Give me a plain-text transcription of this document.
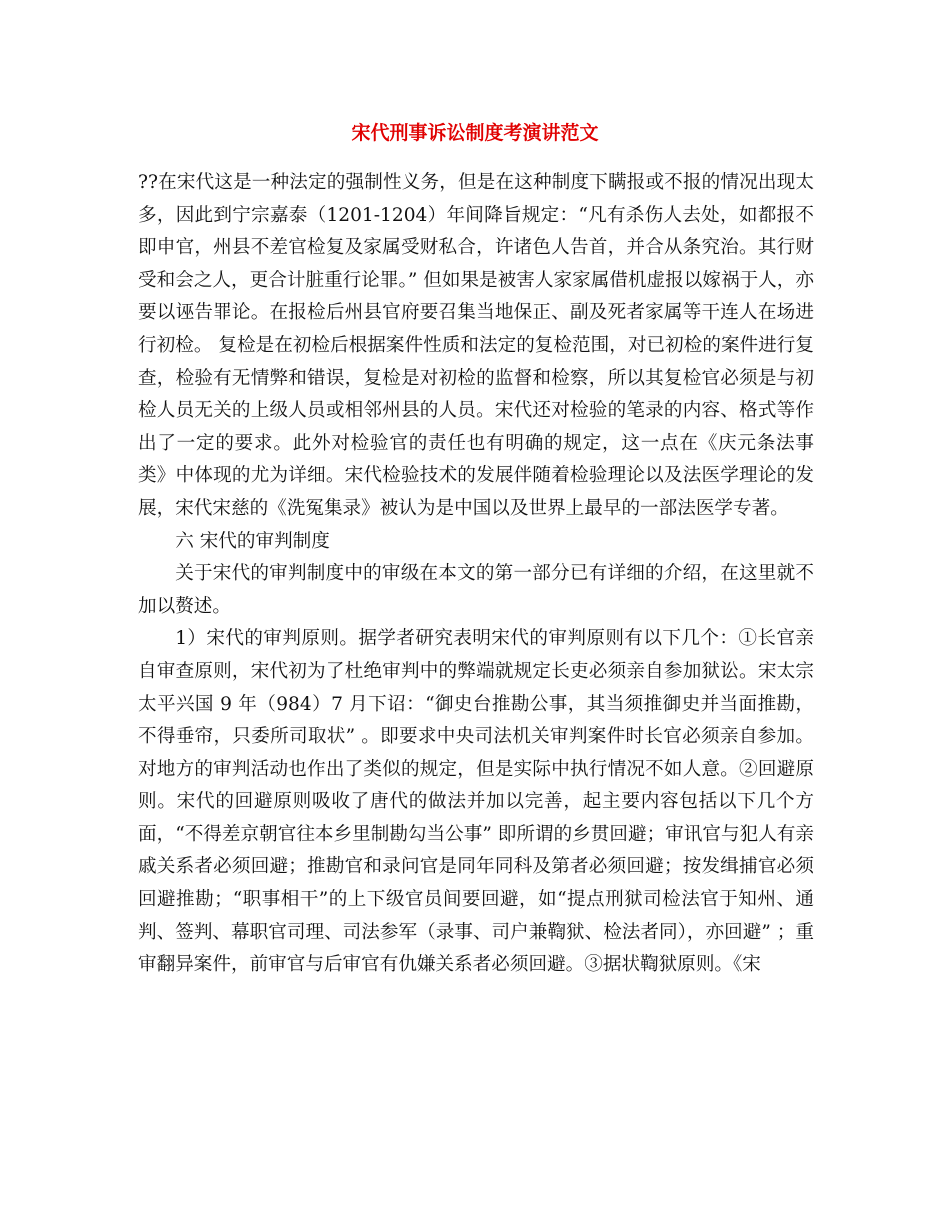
宋代刑事诉讼制度考演讲范文

??在宋代这是一种法定的强制性义务，但是在这种制度下瞒报或不报的情况出现太多，因此到宁宗嘉泰（1201-1204）年间降旨规定：“凡有杀伤人去处，如都报不即申官，州县不差官检复及家属受财私合，许诸色人告首，并合从条究治。其行财受和会之人，更合计脏重行论罪。” 但如果是被害人家家属借机虚报以嫁祸于人，亦要以诬告罪论。在报检后州县官府要召集当地保正、副及死者家属等干连人在场进行初检。 复检是在初检后根据案件性质和法定的复检范围，对已初检的案件进行复查，检验有无情弊和错误，复检是对初检的监督和检察，所以其复检官必须是与初检人员无关的上级人员或相邻州县的人员。宋代还对检验的笔录的内容、格式等作出了一定的要求。此外对检验官的责任也有明确的规定，这一点在《庆元条法事类》中体现的尤为详细。宋代检验技术的发展伴随着检验理论以及法医学理论的发展，宋代宋慈的《洗冤集录》被认为是中国以及世界上最早的一部法医学专著。

六 宋代的审判制度

关于宋代的审判制度中的审级在本文的第一部分已有详细的介绍，在这里就不加以赘述。

1）宋代的审判原则。据学者研究表明宋代的审判原则有以下几个：①长官亲自审查原则，宋代初为了杜绝审判中的弊端就规定长吏必须亲自参加狱讼。宋太宗太平兴国 9 年（984）7 月下诏：“御史台推勘公事，其当须推御史并当面推勘，不得垂帘，只委所司取状” 。即要求中央司法机关审判案件时长官必须亲自参加。对地方的审判活动也作出了类似的规定，但是实际中执行情况不如人意。②回避原则。宋代的回避原则吸收了唐代的做法并加以完善，起主要内容包括以下几个方面，“不得差京朝官往本乡里制勘勾当公事” 即所谓的乡贯回避；审讯官与犯人有亲戚关系者必须回避；推勘官和录问官是同年同科及第者必须回避；按发缉捕官必须回避推勘；“职事相干”的上下级官员间要回避，如“提点刑狱司检法官于知州、通判、签判、幕职官司理、司法参军（录事、司户兼鞫狱、检法者同），亦回避” ；重审翻异案件，前审官与后审官有仇嫌关系者必须回避。③据状鞫狱原则。《宋
